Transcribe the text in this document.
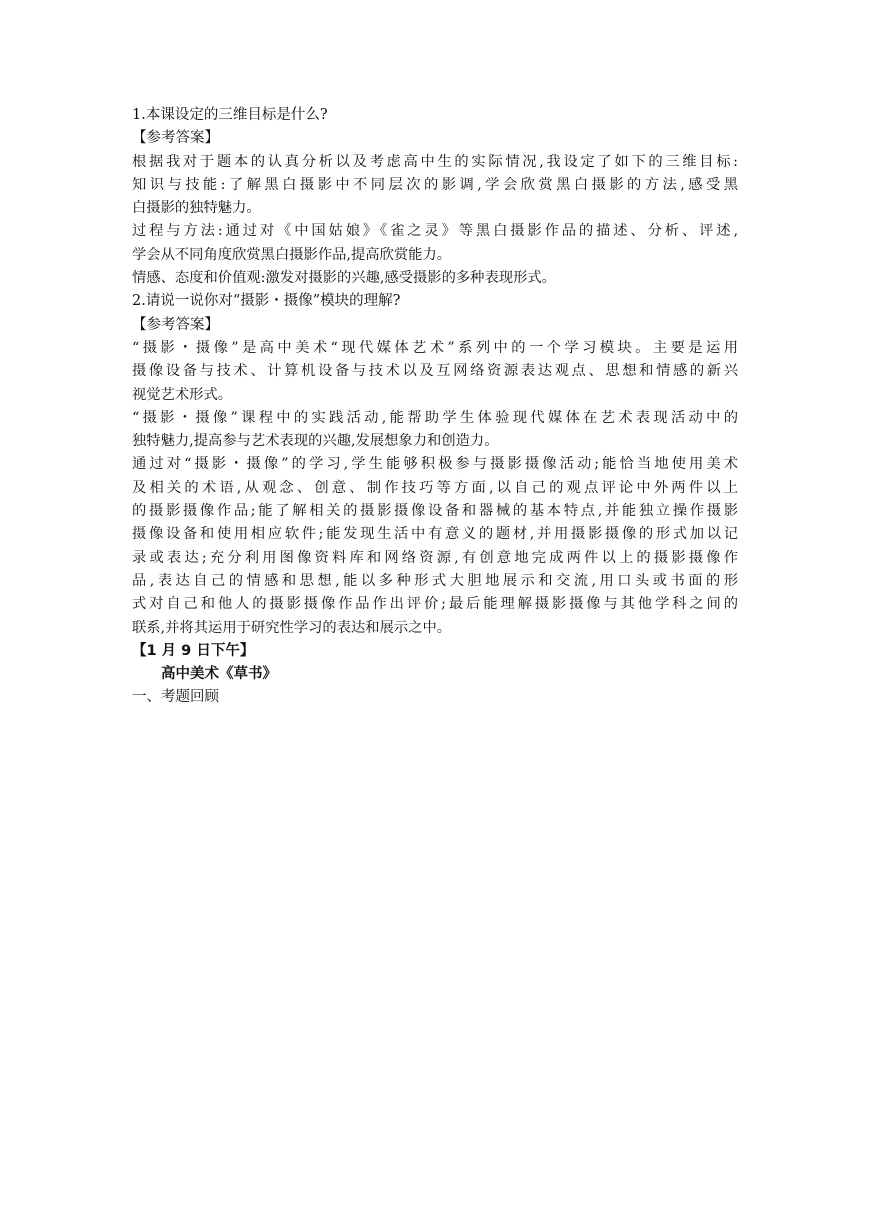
1.本课设定的三维目标是什么?
【参考答案】
根据我对于题本的认真分析以及考虑高中生的实际情况,我设定了如下的三维目标:
知识与技能:了解黑白摄影中不同层次的影调,学会欣赏黑白摄影的方法,感受黑
白摄影的独特魅力。
过程与方法:通过对《中国姑娘》《雀之灵》等黑白摄影作品的描述、分析、评述,
学会从不同角度欣赏黑白摄影作品,提高欣赏能力。
情感、态度和价值观:激发对摄影的兴趣,感受摄影的多种表现形式。
2.请说一说你对“摄影・摄像”模块的理解?
【参考答案】
“摄影・摄像”是高中美术“现代媒体艺术”系列中的一个学习模块。主要是运用
摄像设备与技术、计算机设备与技术以及互网络资源表达观点、思想和情感的新兴
视觉艺术形式。
“摄影・摄像”课程中的实践活动,能帮助学生体验现代媒体在艺术表现活动中的
独特魅力,提高参与艺术表现的兴趣,发展想象力和创造力。
通过对“摄影・摄像”的学习,学生能够积极参与摄影摄像活动;能恰当地使用美术
及相关的术语,从观念、创意、制作技巧等方面,以自己的观点评论中外两件以上
的摄影摄像作品;能了解相关的摄影摄像设备和器械的基本特点,并能独立操作摄影
摄像设备和使用相应软件;能发现生活中有意义的题材,并用摄影摄像的形式加以记
录或表达;充分利用图像资料库和网络资源,有创意地完成两件以上的摄影摄像作
品,表达自己的情感和思想,能以多种形式大胆地展示和交流,用口头或书面的形
式对自己和他人的摄影摄像作品作出评价;最后能理解摄影摄像与其他学科之间的
联系,并将其运用于研究性学习的表达和展示之中。
【1 月 9 日下午】
高中美术《草书》
一、考题回顾
